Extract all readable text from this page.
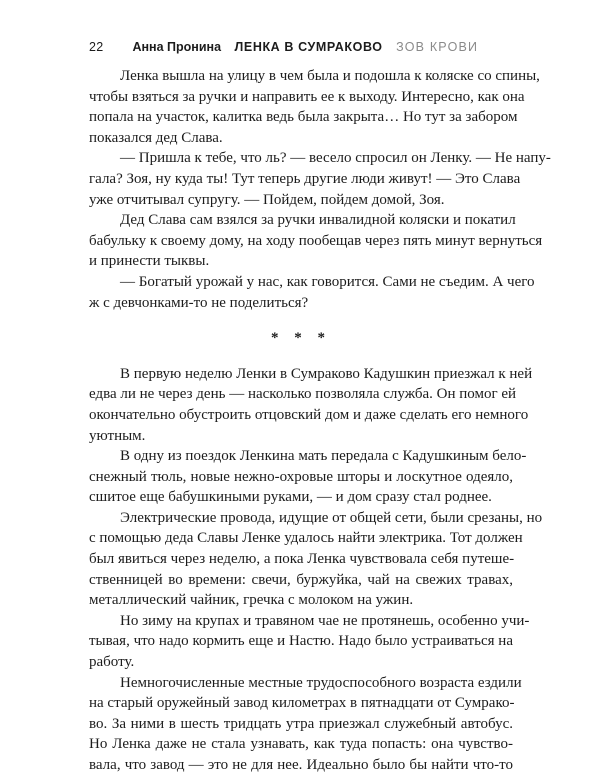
22 Анна Пронина ЛЕНКА В СУМРАКОВО ЗОВ КРОВИ
Ленка вышла на улицу в чем была и подошла к коляске со спины,
чтобы взяться за ручки и направить ее к выходу. Интересно, как она
попала на участок, калитка ведь была закрыта… Но тут за забором
показался дед Слава.
— Пришла к тебе, что ль? — весело спросил он Ленку. — Не напу-
гала? Зоя, ну куда ты! Тут теперь другие люди живут! — Это Слава
уже отчитывал супругу. — Пойдем, пойдем домой, Зоя.
Дед Слава сам взялся за ручки инвалидной коляски и покатил
бабульку к своему дому, на ходу пообещав через пять минут вернуться
и принести тыквы.
— Богатый урожай у нас, как говорится. Сами не съедим. А чего
ж с девчонками-то не поделиться?
* * *
В первую неделю Ленки в Сумраково Кадушкин приезжал к ней
едва ли не через день — насколько позволяла служба. Он помог ей
окончательно обустроить отцовский дом и даже сделать его немного
уютным.
В одну из поездок Ленкина мать передала с Кадушкиным бело-
снежный тюль, новые нежно-охровые шторы и лоскутное одеяло,
сшитое еще бабушкиными руками, — и дом сразу стал роднее.
Электрические провода, идущие от общей сети, были срезаны, но
с помощью деда Славы Ленке удалось найти электрика. Тот должен
был явиться через неделю, а пока Ленка чувствовала себя путеше-
ственницей во времени: свечи, буржуйка, чай на свежих травах,
металлический чайник, гречка с молоком на ужин.
Но зиму на крупах и травяном чае не протянешь, особенно учи-
тывая, что надо кормить еще и Настю. Надо было устраиваться на
работу.
Немногочисленные местные трудоспособного возраста ездили
на старый оружейный завод километрах в пятнадцати от Сумрако-
во. За ними в шесть тридцать утра приезжал служебный автобус.
Но Ленка даже не стала узнавать, как туда попасть: она чувство-
вала, что завод — это не для нее. Идеально было бы найти что-то
